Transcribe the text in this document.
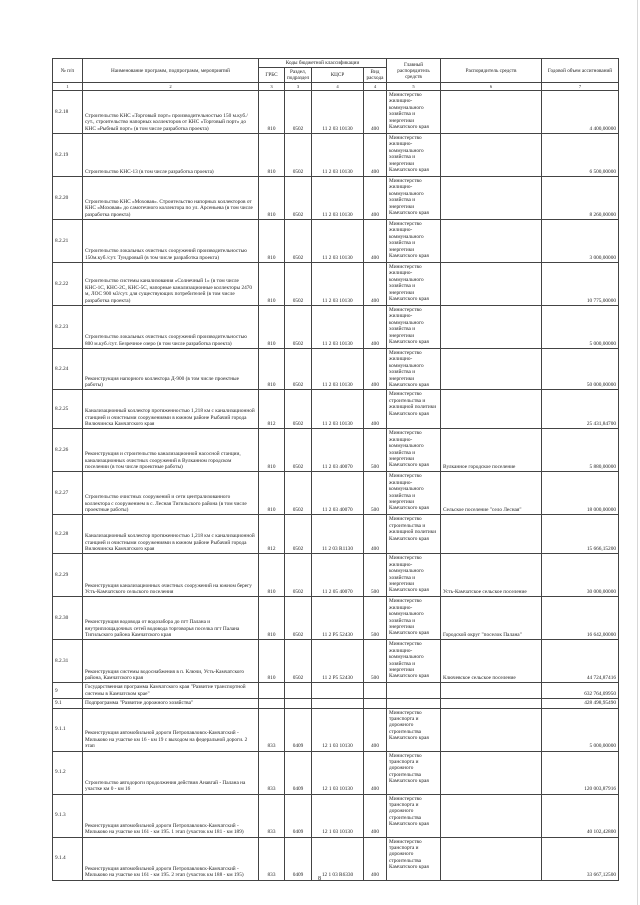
№ п/п	Наименование программ, подпрограмм, мероприятий	Коды бюджетной классификации				Главный распорядитель средств	Распорядитель средств	Годовой объем ассигнований
		ГРБС	Раздел, подраздел	КЦСР	Вид расхода			
1	2	3	3	4	4	5	6	7
8.2.18	Строительство КНС «Торговый порт» производительностью 150 м.куб./сут., строительство напорных коллекторов от КНС «Торговый порт» до КНС «Рыбный порт» (в том числе разработка проекта)	810	0502	11 2 03 10130	400	Министерство жилищно-коммунального хозяйства и энергетики Камчатского края		4 400,00000
8.2.19	Строительство КНС-13 (в том числе разработка проекта)	810	0502	11 2 03 10130	400	Министерство жилищно-коммунального хозяйства и энергетики Камчатского края		6 500,00000
8.2.20	Строительство КНС «Моховая». Строительство напорных коллекторов от КНС «Моховая» до самотечного коллектора по ул. Арсеньева (в том числе разработка проекта)	810	0502	11 2 03 10130	400	Министерство жилищно-коммунального хозяйства и энергетики Камчатского края		8 260,00000
8.2.21	Строительство локальных очистных сооружений производительностью 150м.куб./сут. Тундровый (в том числе разработка проекта)	810	0502	11 2 03 10130	400	Министерство жилищно-коммунального хозяйства и энергетики Камчатского края		3 000,00000
8.2.22	Строительство системы канализования «Солнечный 1» (в том числе КНС-1С, КНС-2С, КНС-5С, напорные канализационные коллекторы 2470 м, ЛОС 900 м3/сут. для существующих потребителей (в том числе разработка проекта)	810	0502	11 2 03 10130	400	Министерство жилищно-коммунального хозяйства и энергетики Камчатского края		10 775,00000
8.2.23	Строительство локальных очистных сооружений производительностью 800 м.куб./сут. Безречное озеро (в том числе разработка проекта)	810	0502	11 2 03 10130	400	Министерство жилищно-коммунального хозяйства и энергетики Камчатского края		5 000,00000
8.2.24	Реконструкция напорного коллектора Д-900 (в том числе проектные работы)	810	0502	11 2 03 10130	400	Министерство жилищно-коммунального хозяйства и энергетики Камчатского края		50 000,00000
8.2.25	Канализационный коллектор протяженностью 1,218 км с канализационной станцией и очистными сооружениями в южном районе Рыбачий города Вилючинска Камчатского края	812	0502	11 2 03 10130	400	Министерство строительства и жилищной политики Камчатского края		25 431,84700
8.2.26	Реконструкция и строительство канализационной насосной станции, канализационных очистных сооружений в Вулканном городском поселении (в том числе проектные работы)	810	0502	11 2 03 40070	500	Министерство жилищно-коммунального хозяйства и энергетики Камчатского края	Вулканное городское поселение	5 880,00000
8.2.27	Строительство очистных сооружений и сети централизованного коллектора с сооружением в с. Лесная Тигильского района (в том числе проектные работы)	810	0502	11 2 03 40070	500	Министерство жилищно-коммунального хозяйства и энергетики Камчатского края	Сельское поселение "село Лесная"	18 000,00000
8.2.28	Канализационный коллектор протяженностью 1,218 км с канализационной станцией и очистными сооружениями в южном районе Рыбачий города Вилючинска Камчатского края	812	0502	11 2 03 R1130	400	Министерство строительства и жилищной политики Камчатского края		15 666,15200
8.2.29	Реконструкция канализационных очистных сооружений на южном берегу Усть-Камчатского сельского поселения	810	0502	11 2 05 40070	500	Министерство жилищно-коммунального хозяйства и энергетики Камчатского края	Усть-Камчатское сельское поселение	30 000,00000
8.2.30	Реконструкция водовода от водозабора до пгт Палана и внутриплощадочных сетей водовода торговорья поселка пгт Палана Тигильского района Камчатского края	810	0502	11 2 P5 52430	500	Министерство жилищно-коммунального хозяйства и энергетики Камчатского края	Городской округ "поселок Палана"	16 642,00000
8.2.31	Реконструкция системы водоснабжения в п. Ключи, Усть-Камчатского района, Камчатского края	810	0502	11 2 P5 52430	500	Министерство жилищно-коммунального хозяйства и энергетики Камчатского края	Ключевское сельское поселение	44 724,87416
9	Государственная программа Камчатского края "Развитие транспортной системы в Камчатском крае"							632 764,09950
9.1	Подпрограмма "Развитие дорожного хозяйства"							428 498,95490
9.1.1	Реконструкция автомобильной дороги Петропавловск-Камчатский - Мильково на участке км 16 - км 19 с выходом на федеральной дороги. 2 этап	833	0409	12 1 03 10130	400	Министерство транспорта и дорожного строительства Камчатского края		5 000,00000
9.1.2	Строительство автодороги продолжения действия Анавгай - Палана на участке км 0 - км 16	833	0409	12 1 03 10130	400	Министерство транспорта и дорожного строительства Камчатского края		120 003,87916
9.1.3	Реконструкция автомобильной дороги Петропавловск-Камчатский - Мильково на участке км 161 - км 195. 1 этап (участок км 181 - км 189)	833	0409	12 1 03 10130	400	Министерство транспорта и дорожного строительства Камчатского края		40 102,42800
9.1.4	Реконструкция автомобильной дороги Петропавловск-Камчатский - Мильково на участке км 161 - км 195. 2 этап (участок км 188 - км 195)	833	0409	12 1 03 R6330	400	Министерство транспорта и дорожного строительства Камчатского края		33 667,12500
8
